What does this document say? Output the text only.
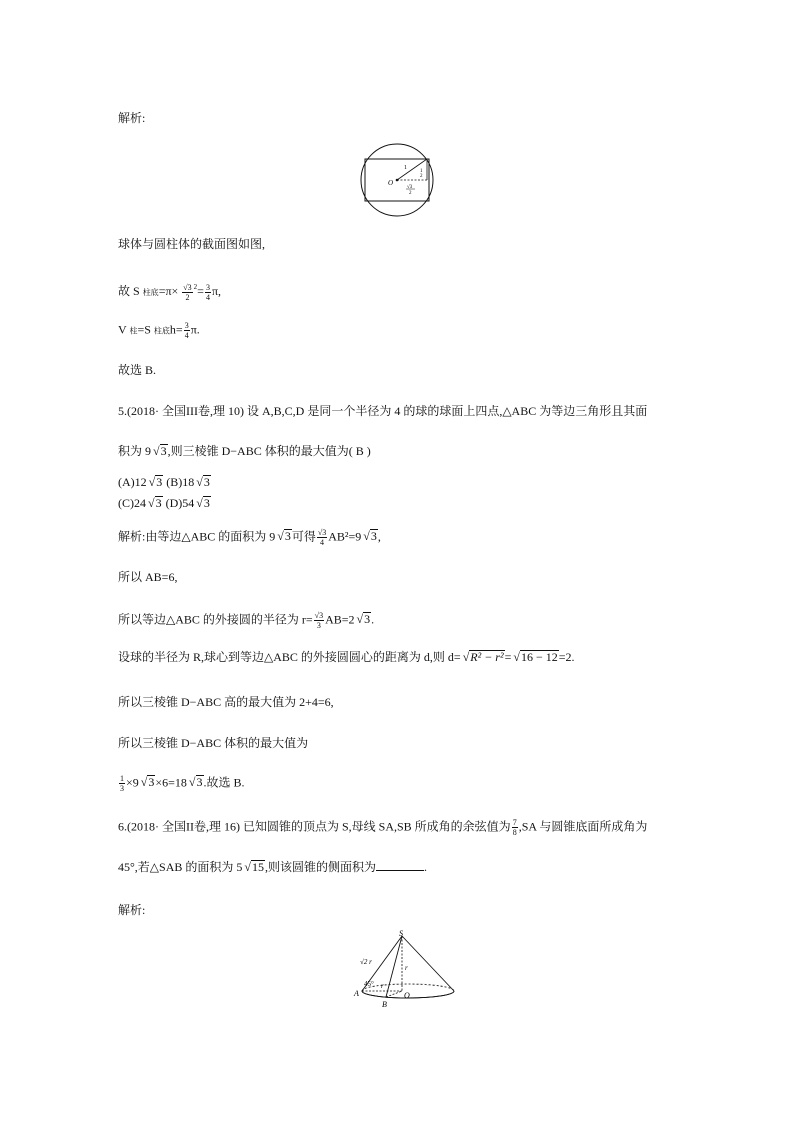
解析:
1
O
1
2
√3
2
球体与圆柱体的截面图如图,
故 S 柱底$=\pi\times \frac{√3}{2} ^2= \frac{3}{4} \pi$,
V 柱=S 柱底$h= \frac{3}{4} \pi$.
故选 B.
5.(2018· 全国III卷,理 10) 设 A,B,C,D 是同一个半径为 4 的球的球面上四点,△ABC 为等边三角形且其面
积为 9 √3,则三棱锥 D−ABC 体积的最大值为( B )
(A)12 √3 (B)18 √3
(C)24 √3 (D)54 √3
解析:由等边△ABC 的面积为 9 √3可得 $\frac{√3}{4} AB^2=9$ √3,
所以 AB=6,
所以等边△ABC 的外接圆的半径为 $r= \frac{√3}{3} AB=2$ √3.
设球的半径为 R,球心到等边△ABC 的外接圆圆心的距离为 d,则 d= √R² − r²= √16 − 12=2.
所以三棱锥 D−ABC 高的最大值为 2+4=6,
所以三棱锥 D−ABC 体积的最大值为
$\frac{1}{3} \times 9$ √3×6=18 √3.故选 B.
6.(2018· 全国II卷,理 16) 已知圆锥的顶点为 S,母线 SA,SB 所成角的余弦值为 $\frac{7}{8} ,SA$ 与圆锥底面所成角为
45°,若△SAB 的面积为 5 √15,则该圆锥的侧面积为	.
解析:
S
A
B
O
√2 r
r
r
45°
